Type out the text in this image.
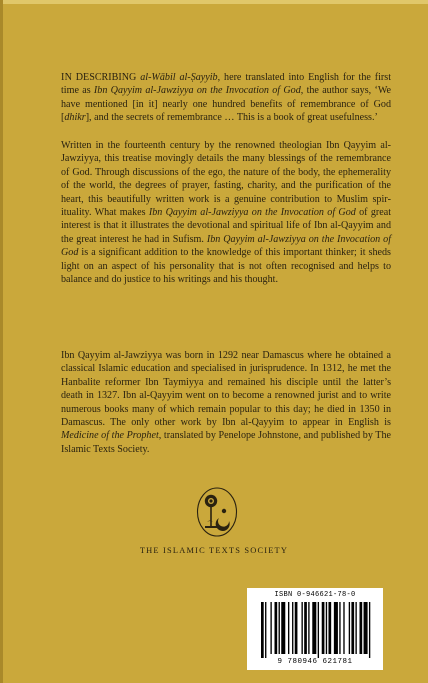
IN DESCRIBING al-Wābil al-Ṣayyib, here translated into English for the first time as Ibn Qayyim al-Jawziyya on the Invocation of God, the author says, ‘We have mentioned [in it] nearly one hundred benefits of remembrance of God [dhikr], and the secrets of remembrance … This is a book of great usefulness.’

Written in the fourteenth century by the renowned theologian Ibn Qayyim al-Jawziyya, this treatise movingly details the many blessings of the remembrance of God. Through discussions of the ego, the nature of the body, the ephemerality of the world, the degrees of prayer, fasting, charity, and the purification of the heart, this beautifully written work is a genuine contribution to Muslim spirituality. What makes Ibn Qayyim al-Jawziyya on the Invocation of God of great interest is that it illustrates the devotional and spiritual life of Ibn al-Qayyim and the great interest he had in Sufism. Ibn Qayyim al-Jawziyya on the Invocation of God is a significant addition to the knowledge of this important thinker; it sheds light on an aspect of his personality that is not often recognised and helps to balance and do justice to his writings and his thought.

Ibn Qayyim al-Jawziyya was born in 1292 near Damascus where he obtained a classical Islamic education and specialised in jurisprudence. In 1312, he met the Hanbalite reformer Ibn Taymiyya and remained his disciple until the latter’s death in 1327. Ibn al-Qayyim went on to become a renowned jurist and to write numerous books many of which remain popular to this day; he died in 1350 in Damascus. The only other work by Ibn al-Qayyim to appear in English is Medicine of the Prophet, translated by Penelope Johnstone, and published by The Islamic Texts Society.

THE ISLAMIC TEXTS SOCIETY

ISBN 0-946621-78-0

9 780946 621781
